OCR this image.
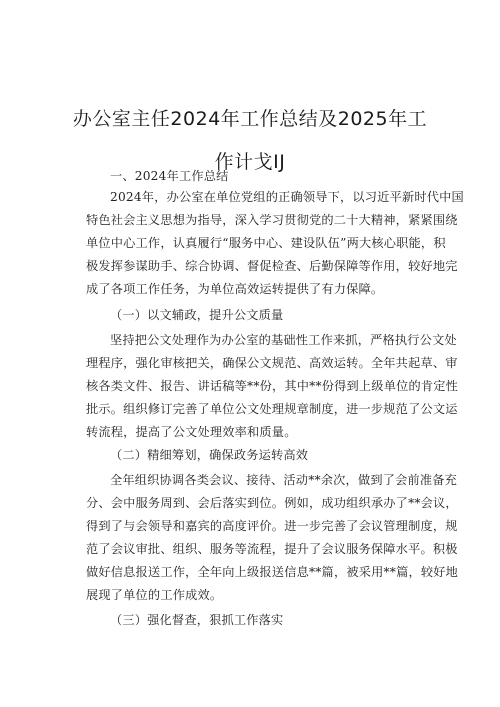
办公室主任2024年工作总结及2025年工
作计戈IJ
一、2024年工作总结
2024年，办公室在单位党组的正确领导下，以习近平新时代中国
特色社会主义思想为指导，深入学习贯彻党的二十大精神，紧紧围绕
单位中心工作，认真履行“服务中心、建设队伍”两大核心职能，积
极发挥参谋助手、综合协调、督促检查、后勤保障等作用，较好地完
成了各项工作任务，为单位高效运转提供了有力保障。
（一）以文辅政，提升公文质量
坚持把公文处理作为办公室的基础性工作来抓，严格执行公文处
理程序，强化审核把关，确保公文规范、高效运转。全年共起草、审
核各类文件、报告、讲话稿等**份，其中**份得到上级单位的肯定性
批示。组织修订完善了单位公文处理规章制度，进一步规范了公文运
转流程，提高了公文处理效率和质量。
（二）精细筹划，确保政务运转高效
全年组织协调各类会议、接待、活动**余次，做到了会前准备充
分、会中服务周到、会后落实到位。例如，成功组织承办了**会议，
得到了与会领导和嘉宾的高度评价。进一步完善了会议管理制度，规
范了会议审批、组织、服务等流程，提升了会议服务保障水平。积极
做好信息报送工作，全年向上级报送信息**篇，被采用**篇，较好地
展现了单位的工作成效。
（三）强化督查，狠抓工作落实
